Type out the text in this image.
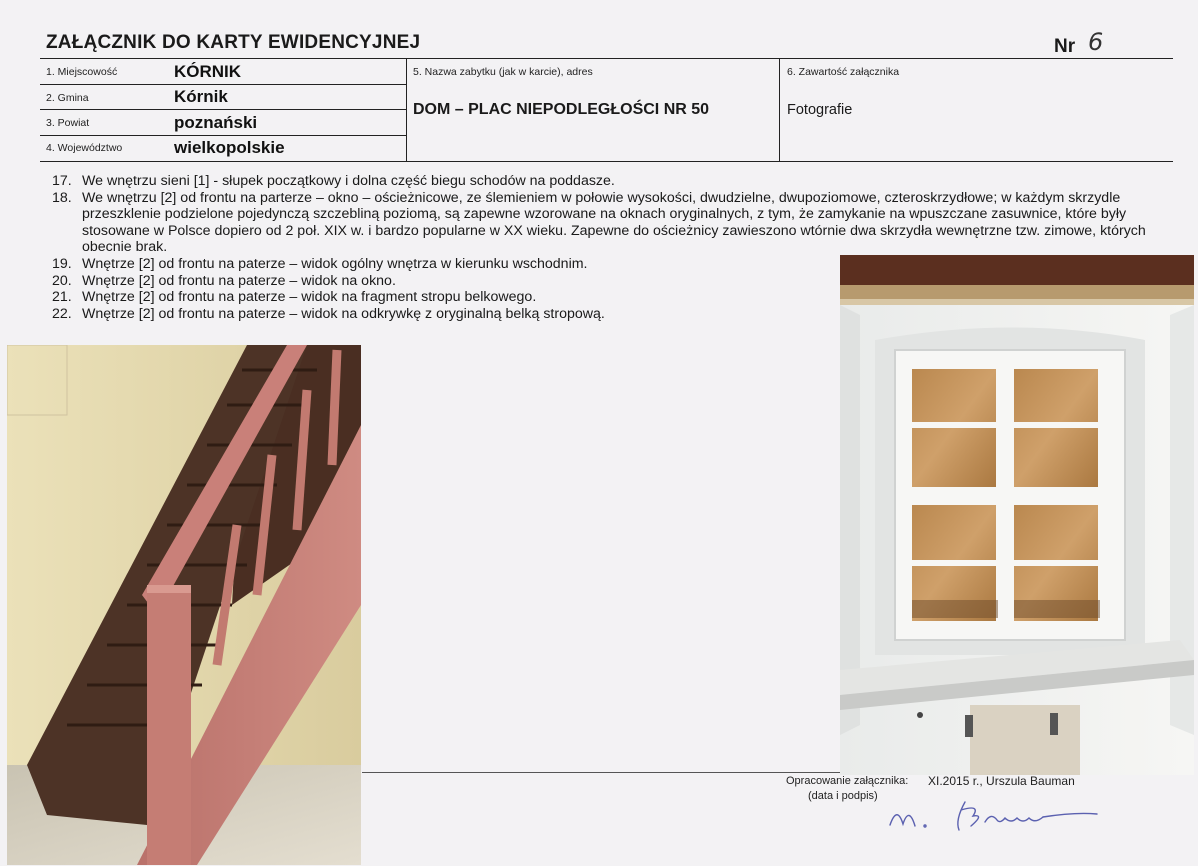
ZAŁĄCZNIK DO KARTY EWIDENCYJNEJ	Nr 6
1. Miejscowość	KÓRNIK
2. Gmina	Kórnik
3. Powiat	poznański
4. Województwo	wielkopolskie
5. Nazwa zabytku (jak w karcie), adres
DOM – PLAC NIEPODLEGŁOŚCI NR 50
6. Zawartość załącznika
Fotografie
17. We wnętrzu sieni [1] - słupek początkowy i dolna część biegu schodów na poddasze.
18. We wnętrzu [2] od frontu na parterze – okno – ościeżnicowe, ze ślemieniem w połowie wysokości, dwudzielne, dwupoziomowe, czteroskrzydłowe; w każdym skrzydle przeszklenie podzielone pojedynczą szczebliną poziomą, są zapewne wzorowane na oknach oryginalnych, z tym, że zamykanie na wpuszczane zasuwnice, które były stosowane w Polsce dopiero od 2 poł. XIX w. i bardzo popularne w XX wieku. Zapewne do ościeżnicy zawieszono wtórnie dwa skrzydła wewnętrzne tzw. zimowe, których obecnie brak.
19. Wnętrze [2] od frontu na paterze – widok ogólny wnętrza w kierunku wschodnim.
20. Wnętrze [2] od frontu na paterze – widok na okno.
21. Wnętrze [2] od frontu na paterze – widok na fragment stropu belkowego.
22. Wnętrze [2] od frontu na paterze – widok na odkrywkę z oryginalną belką stropową.
Opracowanie załącznika:
(data i podpis)
XI.2015 r., Urszula Bauman
